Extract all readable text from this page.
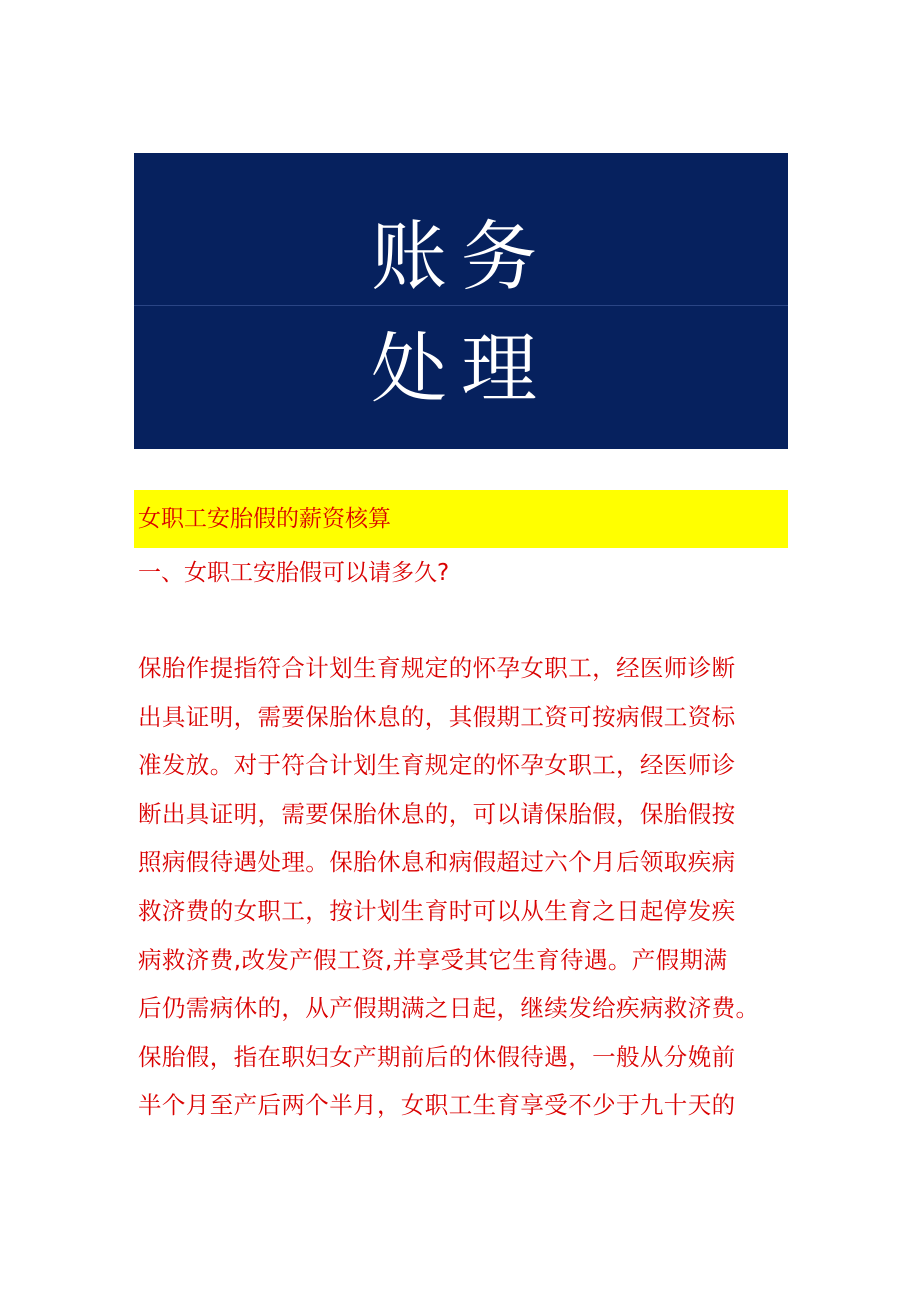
账务
处理
女职工安胎假的薪资核算
一、女职工安胎假可以请多久?
保胎作提指符合计划生育规定的怀孕女职工，经医师诊断
出具证明，需要保胎休息的，其假期工资可按病假工资标
准发放。对于符合计划生育规定的怀孕女职工，经医师诊
断出具证明，需要保胎休息的，可以请保胎假，保胎假按
照病假待遇处理。保胎休息和病假超过六个月后领取疾病
救济费的女职工，按计划生育时可以从生育之日起停发疾
病救济费,改发产假工资,并享受其它生育待遇。产假期满
后仍需病休的，从产假期满之日起，继续发给疾病救济费。
保胎假，指在职妇女产期前后的休假待遇，一般从分娩前
半个月至产后两个半月，女职工生育享受不少于九十天的
